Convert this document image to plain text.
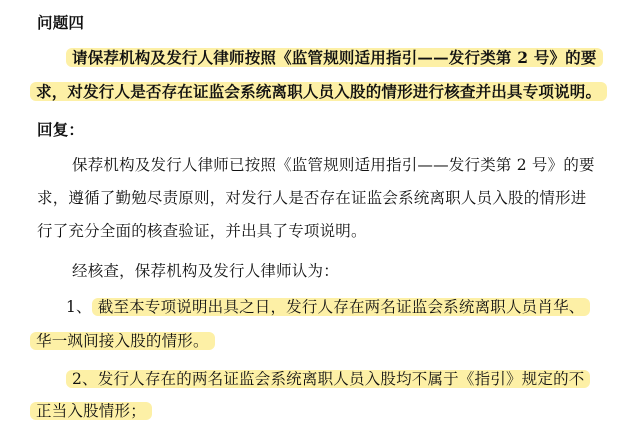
问题四
请保荐机构及发行人律师按照《监管规则适用指引——发行类第 2 号》的要
求，对发行人是否存在证监会系统离职人员入股的情形进行核查并出具专项说明。
回复：
保荐机构及发行人律师已按照《监管规则适用指引——发行类第 2 号》的要
求，遵循了勤勉尽责原则，对发行人是否存在证监会系统离职人员入股的情形进
行了充分全面的核查验证，并出具了专项说明。
经核查，保荐机构及发行人律师认为：
1、 截至本专项说明出具之日，发行人存在两名证监会系统离职人员肖华、
华一飒间接入股的情形。
2、发行人存在的两名证监会系统离职人员入股均不属于《指引》规定的不
正当入股情形；
